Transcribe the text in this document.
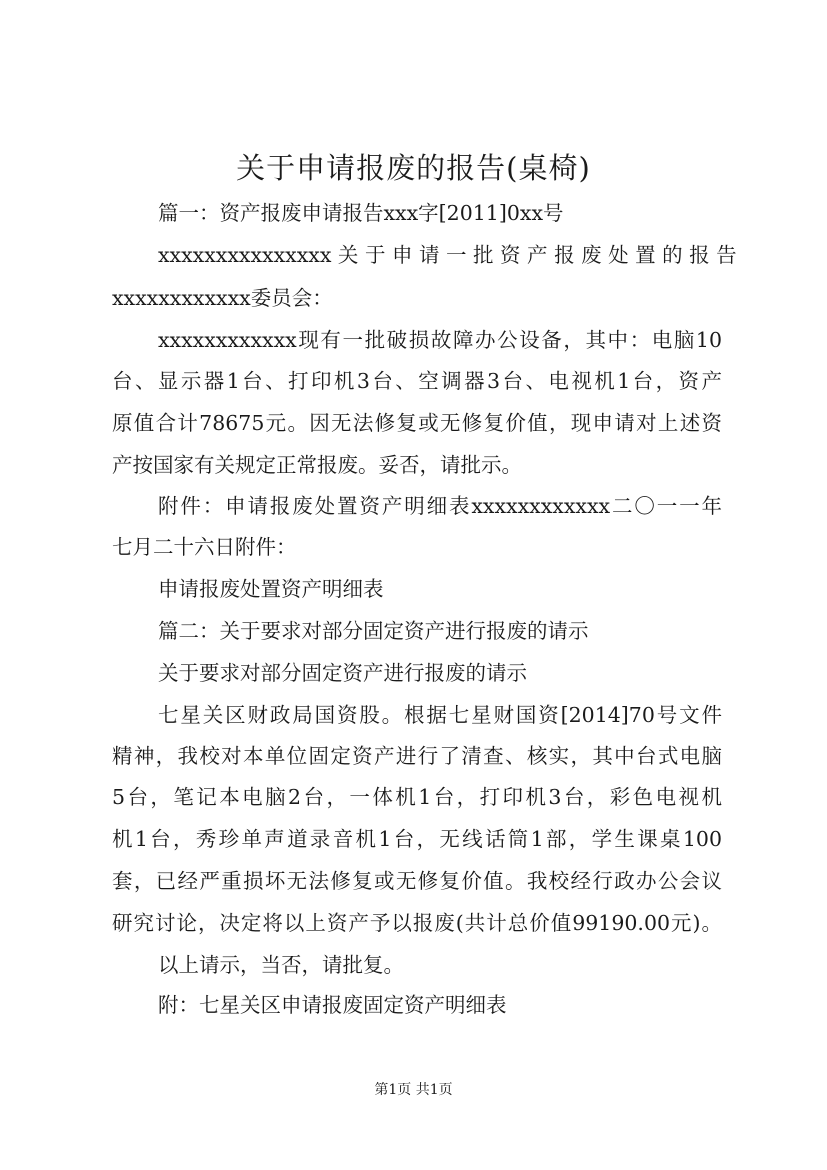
关于申请报废的报告(桌椅)
篇一：资产报废申请报告xxx字[2011]0xx号
xxxxxxxxxxxxxxx 关 于 申 请 一 批 资 产 报 废 处 置 的 报 告
xxxxxxxxxxxx委员会：
xxxxxxxxxxxx现有一批破损故障办公设备，其中：电脑10
台、显示器1台、打印机3台、空调器3台、电视机1台，资产
原值合计78675元。因无法修复或无修复价值，现申请对上述资
产按国家有关规定正常报废。妥否，请批示。
附件：申请报废处置资产明细表xxxxxxxxxxxx二〇一一年
七月二十六日附件：
申请报废处置资产明细表
篇二：关于要求对部分固定资产进行报废的请示
关于要求对部分固定资产进行报废的请示
七星关区财政局国资股。根据七星财国资[2014]70号文件
精神，我校对本单位固定资产进行了清查、核实，其中台式电脑
5台，笔记本电脑2台，一体机1台，打印机3台，彩色电视机
机1台，秀珍单声道录音机1台，无线话筒1部，学生课桌100
套，已经严重损坏无法修复或无修复价值。我校经行政办公会议
研究讨论，决定将以上资产予以报废(共计总价值99190.00元)。
以上请示，当否，请批复。
附：七星关区申请报废固定资产明细表
第1页 共1页
